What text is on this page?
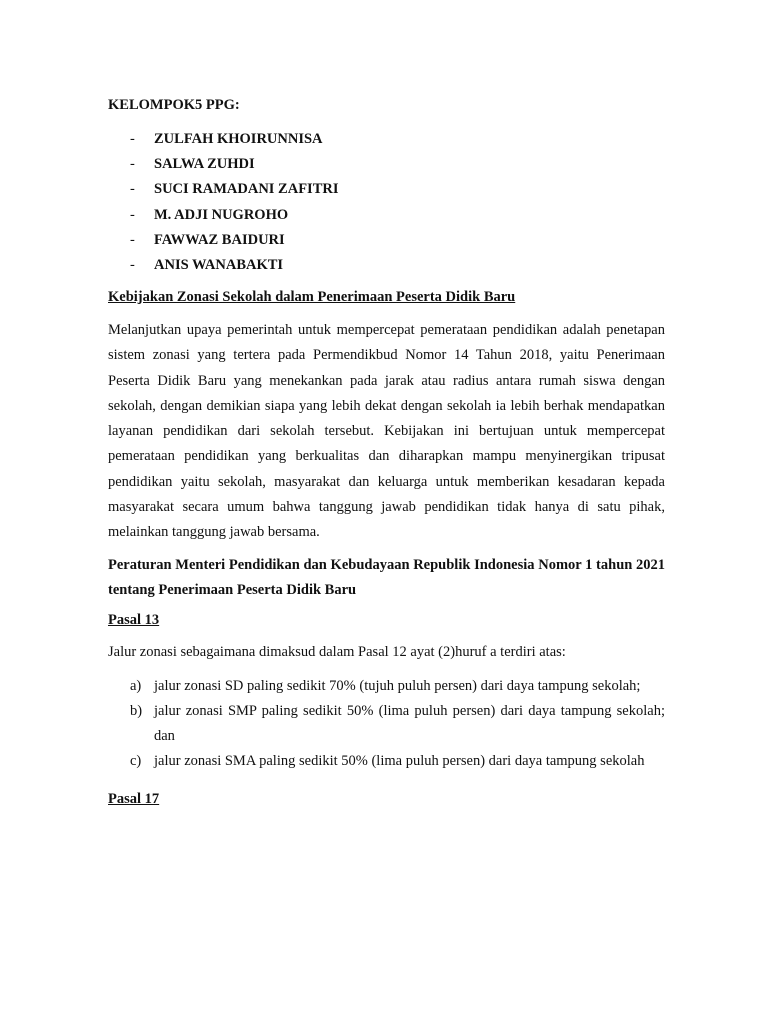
KELOMPOK5 PPG:

- ZULFAH KHOIRUNNISA
- SALWA ZUHDI
- SUCI RAMADANI ZAFITRI
- M. ADJI NUGROHO
- FAWWAZ BAIDURI
- ANIS WANABAKTI

Kebijakan Zonasi Sekolah dalam Penerimaan Peserta Didik Baru

Melanjutkan upaya pemerintah untuk mempercepat pemerataan pendidikan adalah penetapan sistem zonasi yang tertera pada Permendikbud Nomor 14 Tahun 2018, yaitu Penerimaan Peserta Didik Baru yang menekankan pada jarak atau radius antara rumah siswa dengan sekolah, dengan demikian siapa yang lebih dekat dengan sekolah ia lebih berhak mendapatkan layanan pendidikan dari sekolah tersebut. Kebijakan ini bertujuan untuk mempercepat pemerataan pendidikan yang berkualitas dan diharapkan mampu menyinergikan tripusat pendidikan yaitu sekolah, masyarakat dan keluarga untuk memberikan kesadaran kepada masyarakat secara umum bahwa tanggung jawab pendidikan tidak hanya di satu pihak, melainkan tanggung jawab bersama.

Peraturan Menteri Pendidikan dan Kebudayaan Republik Indonesia Nomor 1 tahun 2021 tentang Penerimaan Peserta Didik Baru

Pasal 13

Jalur zonasi sebagaimana dimaksud dalam Pasal 12 ayat (2)huruf a terdiri atas:

a) jalur zonasi SD paling sedikit 70% (tujuh puluh persen) dari daya tampung sekolah;
b) jalur zonasi SMP paling sedikit 50% (lima puluh persen) dari daya tampung sekolah; dan
c) jalur zonasi SMA paling sedikit 50% (lima puluh persen) dari daya tampung sekolah

Pasal 17
